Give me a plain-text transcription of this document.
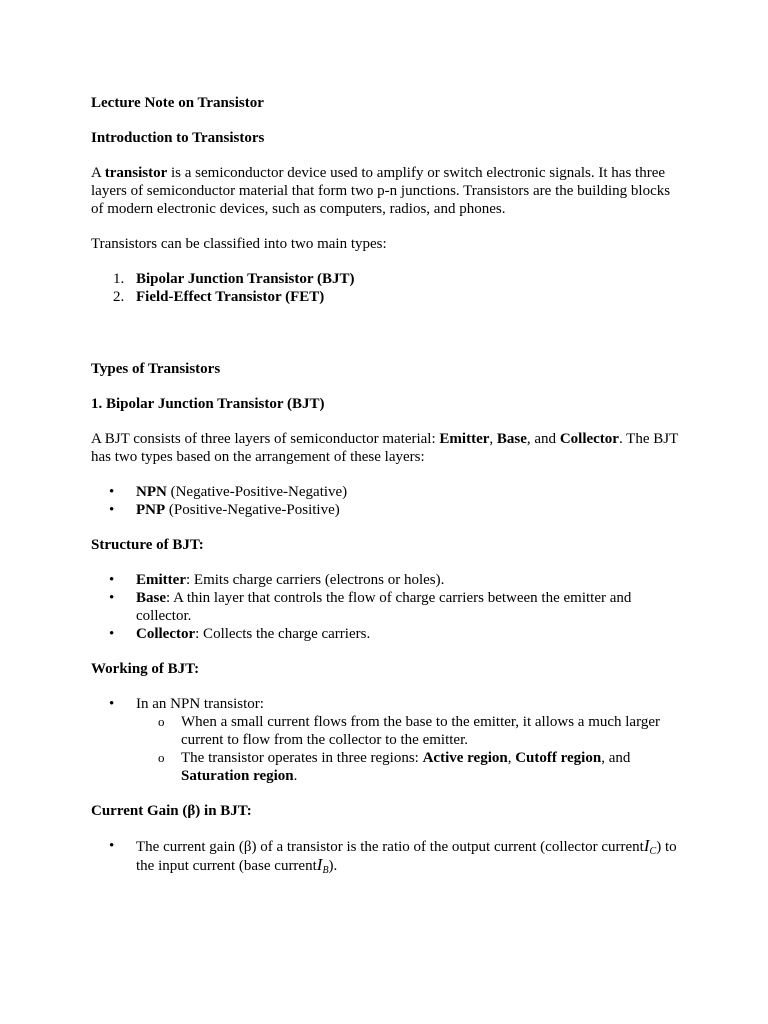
Lecture Note on Transistor

Introduction to Transistors

A transistor is a semiconductor device used to amplify or switch electronic signals. It has three layers of semiconductor material that form two p-n junctions. Transistors are the building blocks of modern electronic devices, such as computers, radios, and phones.

Transistors can be classified into two main types:

1. Bipolar Junction Transistor (BJT)
2. Field-Effect Transistor (FET)

Types of Transistors

1. Bipolar Junction Transistor (BJT)

A BJT consists of three layers of semiconductor material: Emitter, Base, and Collector. The BJT has two types based on the arrangement of these layers:

• NPN (Negative-Positive-Negative)
• PNP (Positive-Negative-Positive)

Structure of BJT:

• Emitter: Emits charge carriers (electrons or holes).
• Base: A thin layer that controls the flow of charge carriers between the emitter and collector.
• Collector: Collects the charge carriers.

Working of BJT:

• In an NPN transistor:
o When a small current flows from the base to the emitter, it allows a much larger current to flow from the collector to the emitter.
o The transistor operates in three regions: Active region, Cutoff region, and Saturation region.

Current Gain (β) in BJT:

• The current gain (β) of a transistor is the ratio of the output current (collector currentI$_C$) to the input current (base currentI$_B$).
